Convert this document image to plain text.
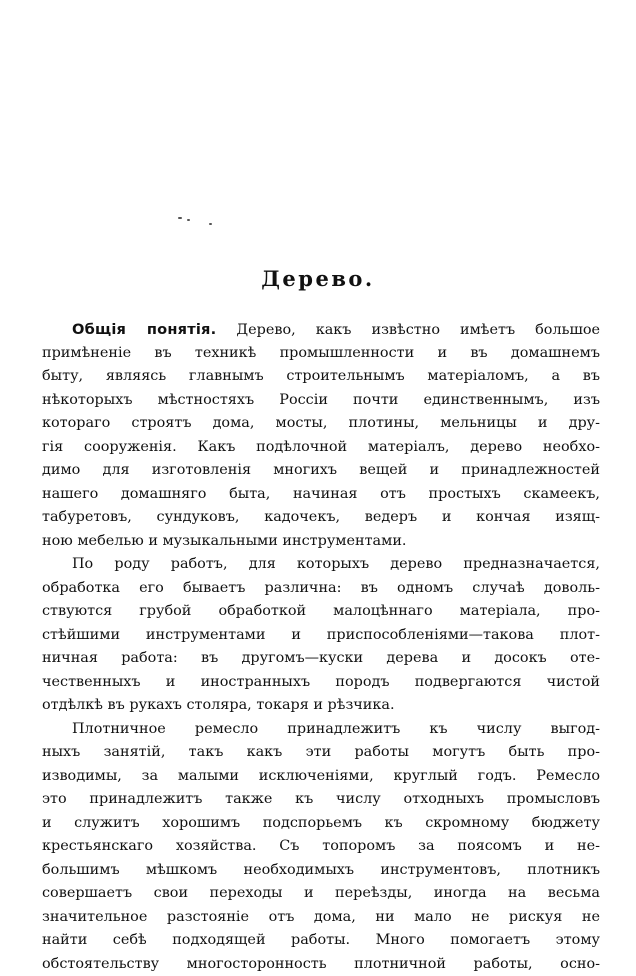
Дерево.
Общiя понятiя. Дерево, какъ извѣстно имѣетъ большое
примѣненiе въ техникѣ промышленности и въ домашнемъ
быту, являясь главнымъ строительнымъ матерiаломъ, а въ
нѣкоторыхъ мѣстностяхъ Россiи почти единственнымъ, изъ
котораго строятъ дома, мосты, плотины, мельницы и дру-
гiя сооруженiя. Какъ подѣлочной матерiалъ, дерево необхо-
димо для изготовленiя многихъ вещей и принадлежностей
нашего домашняго быта, начиная отъ простыхъ скамеекъ,
табуретовъ, сундуковъ, кадочекъ, ведеръ и кончая изящ-
ною мебелью и музыкальными инструментами.
По роду работъ, для которыхъ дерево предназначается,
обработка его бываетъ различна: въ одномъ случаѣ доволь-
ствуются грубой обработкой малоцѣннаго матерiала, про-
стѣйшими инструментами и приспособленiями—такова плот-
ничная работа: въ другомъ—куски дерева и досокъ оте-
чественныхъ и иностранныхъ породъ подвергаются чистой
отдѣлкѣ въ рукахъ столяра, токаря и рѣзчика.
Плотничное ремесло принадлежитъ къ числу выгод-
ныхъ занятiй, такъ какъ эти работы могутъ быть про-
изводимы, за малыми исключенiями, круглый годъ. Ремесло
это принадлежитъ также къ числу отходныхъ промысловъ
и служитъ хорошимъ подспорьемъ къ скромному бюджету
крестьянскаго хозяйства. Съ топоромъ за поясомъ и не-
большимъ мѣшкомъ необходимыхъ инструментовъ, плотникъ
совершаетъ свои переходы и переѣзды, иногда на весьма
значительное разстоянiе отъ дома, ни мало не рискуя не
найти себѣ подходящей работы. Много помогаетъ этому
обстоятельству многосторонность плотничной работы, осно-
